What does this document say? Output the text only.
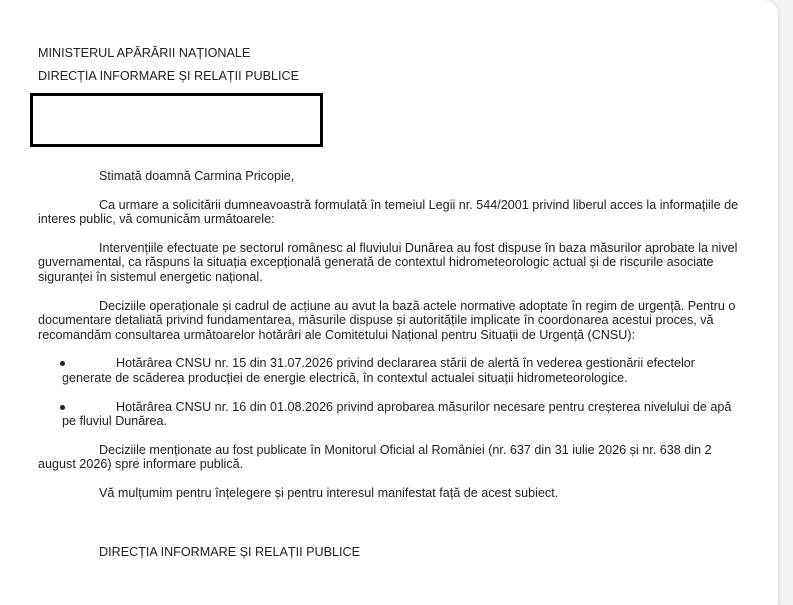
MINISTERUL APĂRĂRII NAȚIONALE

DIRECȚIA INFORMARE ȘI RELAȚII PUBLICE

Stimată doamnă Carmina Pricopie,

Ca urmare a solicitării dumneavoastră formulată în temeiul Legii nr. 544/2001 privind liberul acces la informațiile de interes public, vă comunicăm următoarele:

Intervențiile efectuate pe sectorul românesc al fluviului Dunărea au fost dispuse în baza măsurilor aprobate la nivel guvernamental, ca răspuns la situația excepțională generată de contextul hidrometeorologic actual și de riscurile asociate siguranței în sistemul energetic național.

Deciziile operaționale și cadrul de acțiune au avut la bază actele normative adoptate în regim de urgență. Pentru o documentare detaliată privind fundamentarea, măsurile dispuse și autoritățile implicate în coordonarea acestui proces, vă recomandăm consultarea următoarelor hotărâri ale Comitetului Național pentru Situații de Urgență (CNSU):

Hotărârea CNSU nr. 15 din 31.07.2026 privind declararea stării de alertă în vederea gestionării efectelor generate de scăderea producției de energie electrică, în contextul actualei situații hidrometeorologice.
Hotărârea CNSU nr. 16 din 01.08.2026 privind aprobarea măsurilor necesare pentru creșterea nivelului de apă pe fluviul Dunărea.

Deciziile menționate au fost publicate în Monitorul Oficial al României (nr. 637 din 31 iulie 2026 și nr. 638 din 2 august 2026) spre informare publică.

Vă mulțumim pentru înțelegere și pentru interesul manifestat față de acest subiect.

DIRECȚIA INFORMARE ȘI RELAȚII PUBLICE
